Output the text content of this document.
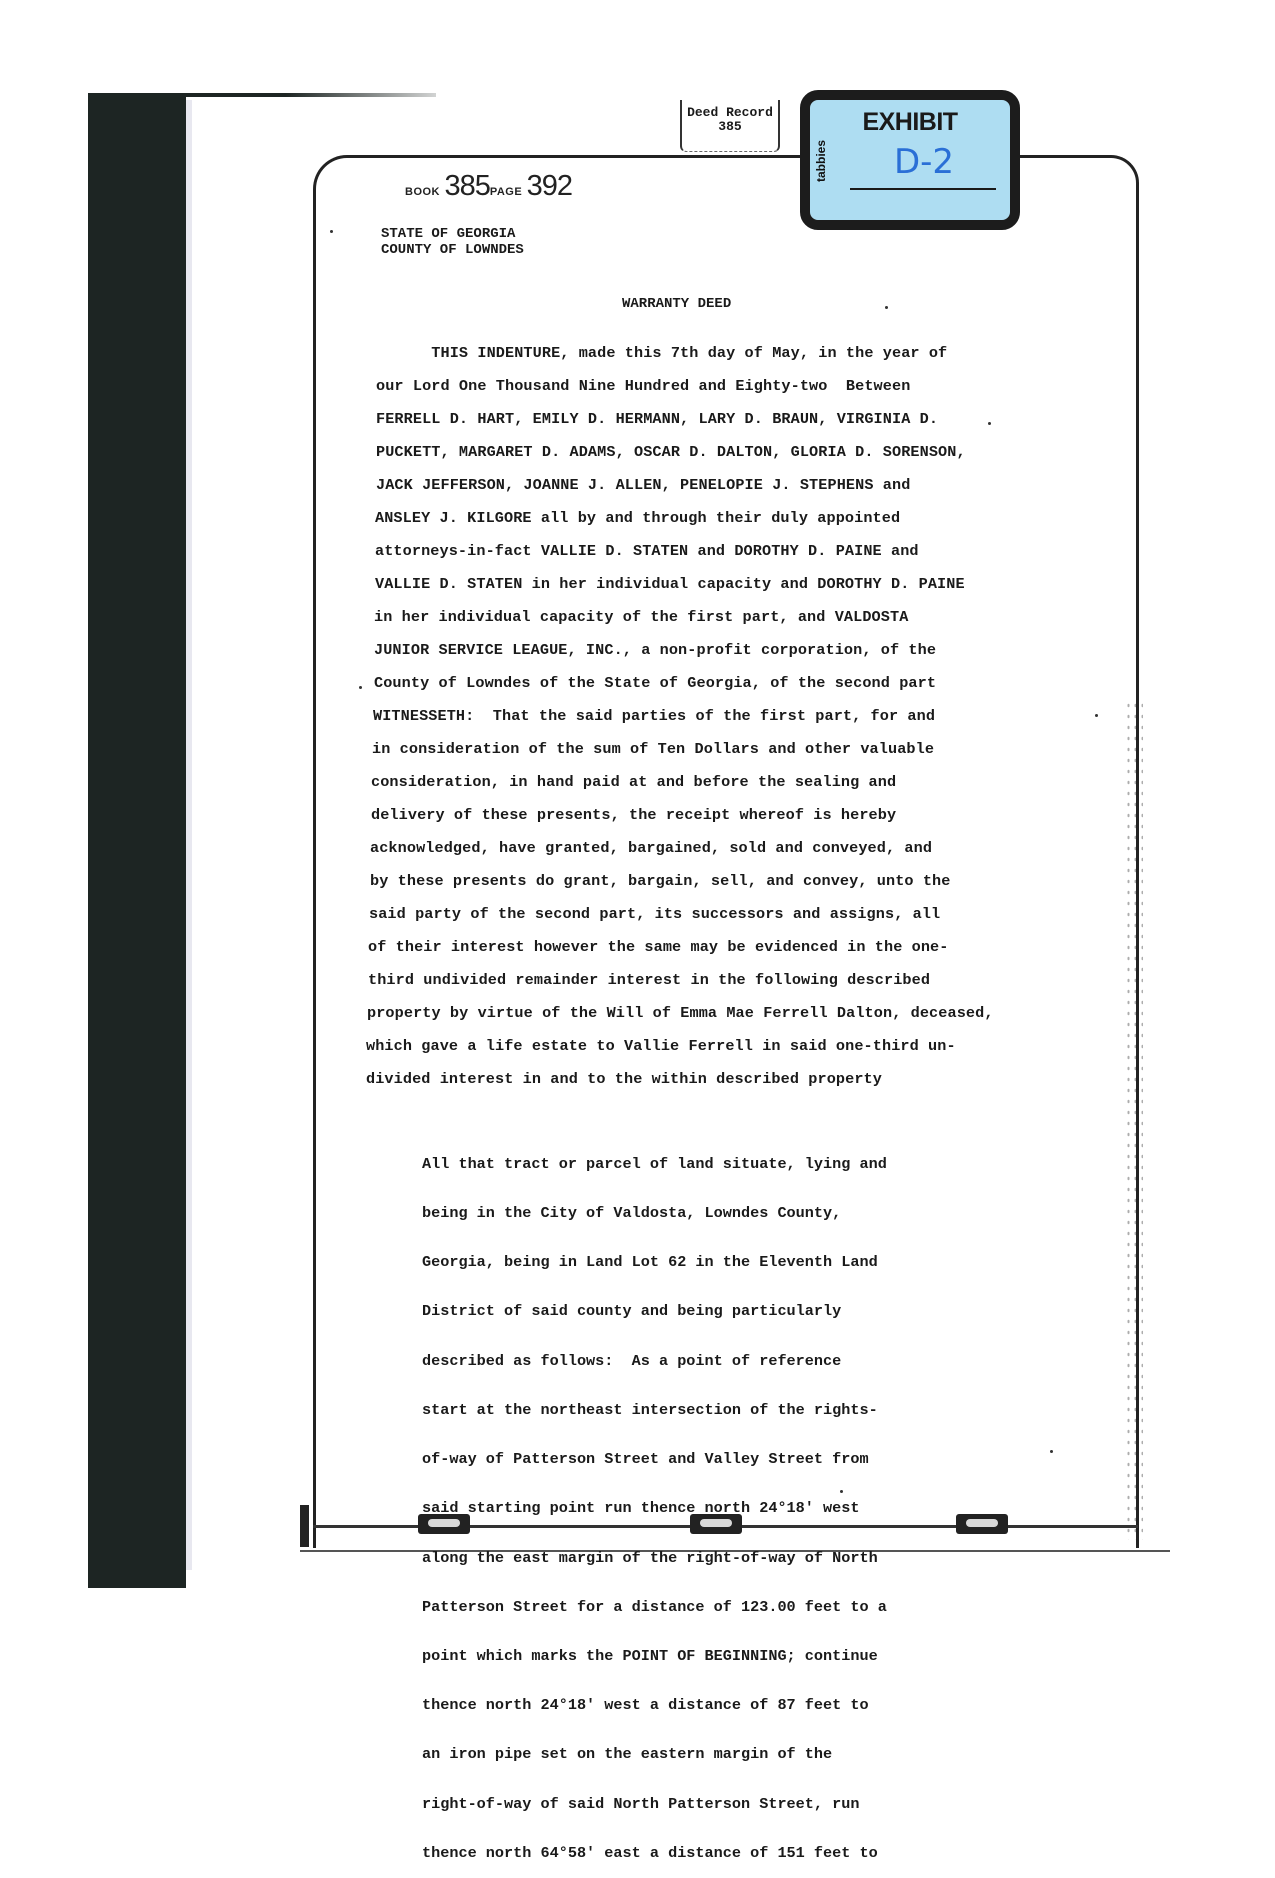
Deed Record
385
tabbies
EXHIBIT
D-2
BOOK 385PAGE 392
STATE OF GEORGIA
COUNTY OF LOWNDES
WARRANTY DEED
THIS INDENTURE, made this 7th day of May, in the year of
our Lord One Thousand Nine Hundred and Eighty-two  Between
FERRELL D. HART, EMILY D. HERMANN, LARY D. BRAUN, VIRGINIA D.
PUCKETT, MARGARET D. ADAMS, OSCAR D. DALTON, GLORIA D. SORENSON,
JACK JEFFERSON, JOANNE J. ALLEN, PENELOPIE J. STEPHENS and
ANSLEY J. KILGORE all by and through their duly appointed
attorneys-in-fact VALLIE D. STATEN and DOROTHY D. PAINE and
VALLIE D. STATEN in her individual capacity and DOROTHY D. PAINE
in her individual capacity of the first part, and VALDOSTA
JUNIOR SERVICE LEAGUE, INC., a non-profit corporation, of the
County of Lowndes of the State of Georgia, of the second part
WITNESSETH:  That the said parties of the first part, for and
in consideration of the sum of Ten Dollars and other valuable
consideration, in hand paid at and before the sealing and
delivery of these presents, the receipt whereof is hereby
acknowledged, have granted, bargained, sold and conveyed, and
by these presents do grant, bargain, sell, and convey, unto the
said party of the second part, its successors and assigns, all
of their interest however the same may be evidenced in the one-
third undivided remainder interest in the following described
property by virtue of the Will of Emma Mae Ferrell Dalton, deceased,
which gave a life estate to Vallie Ferrell in said one-third un-
divided interest in and to the within described property

All that tract or parcel of land situate, lying and

being in the City of Valdosta, Lowndes County,

Georgia, being in Land Lot 62 in the Eleventh Land

District of said county and being particularly

described as follows:  As a point of reference

start at the northeast intersection of the rights-

of-way of Patterson Street and Valley Street from

said starting point run thence north 24°18' west

along the east margin of the right-of-way of North

Patterson Street for a distance of 123.00 feet to a

point which marks the POINT OF BEGINNING; continue

thence north 24°18' west a distance of 87 feet to

an iron pipe set on the eastern margin of the

right-of-way of said North Patterson Street, run

thence north 64°58' east a distance of 151 feet to
